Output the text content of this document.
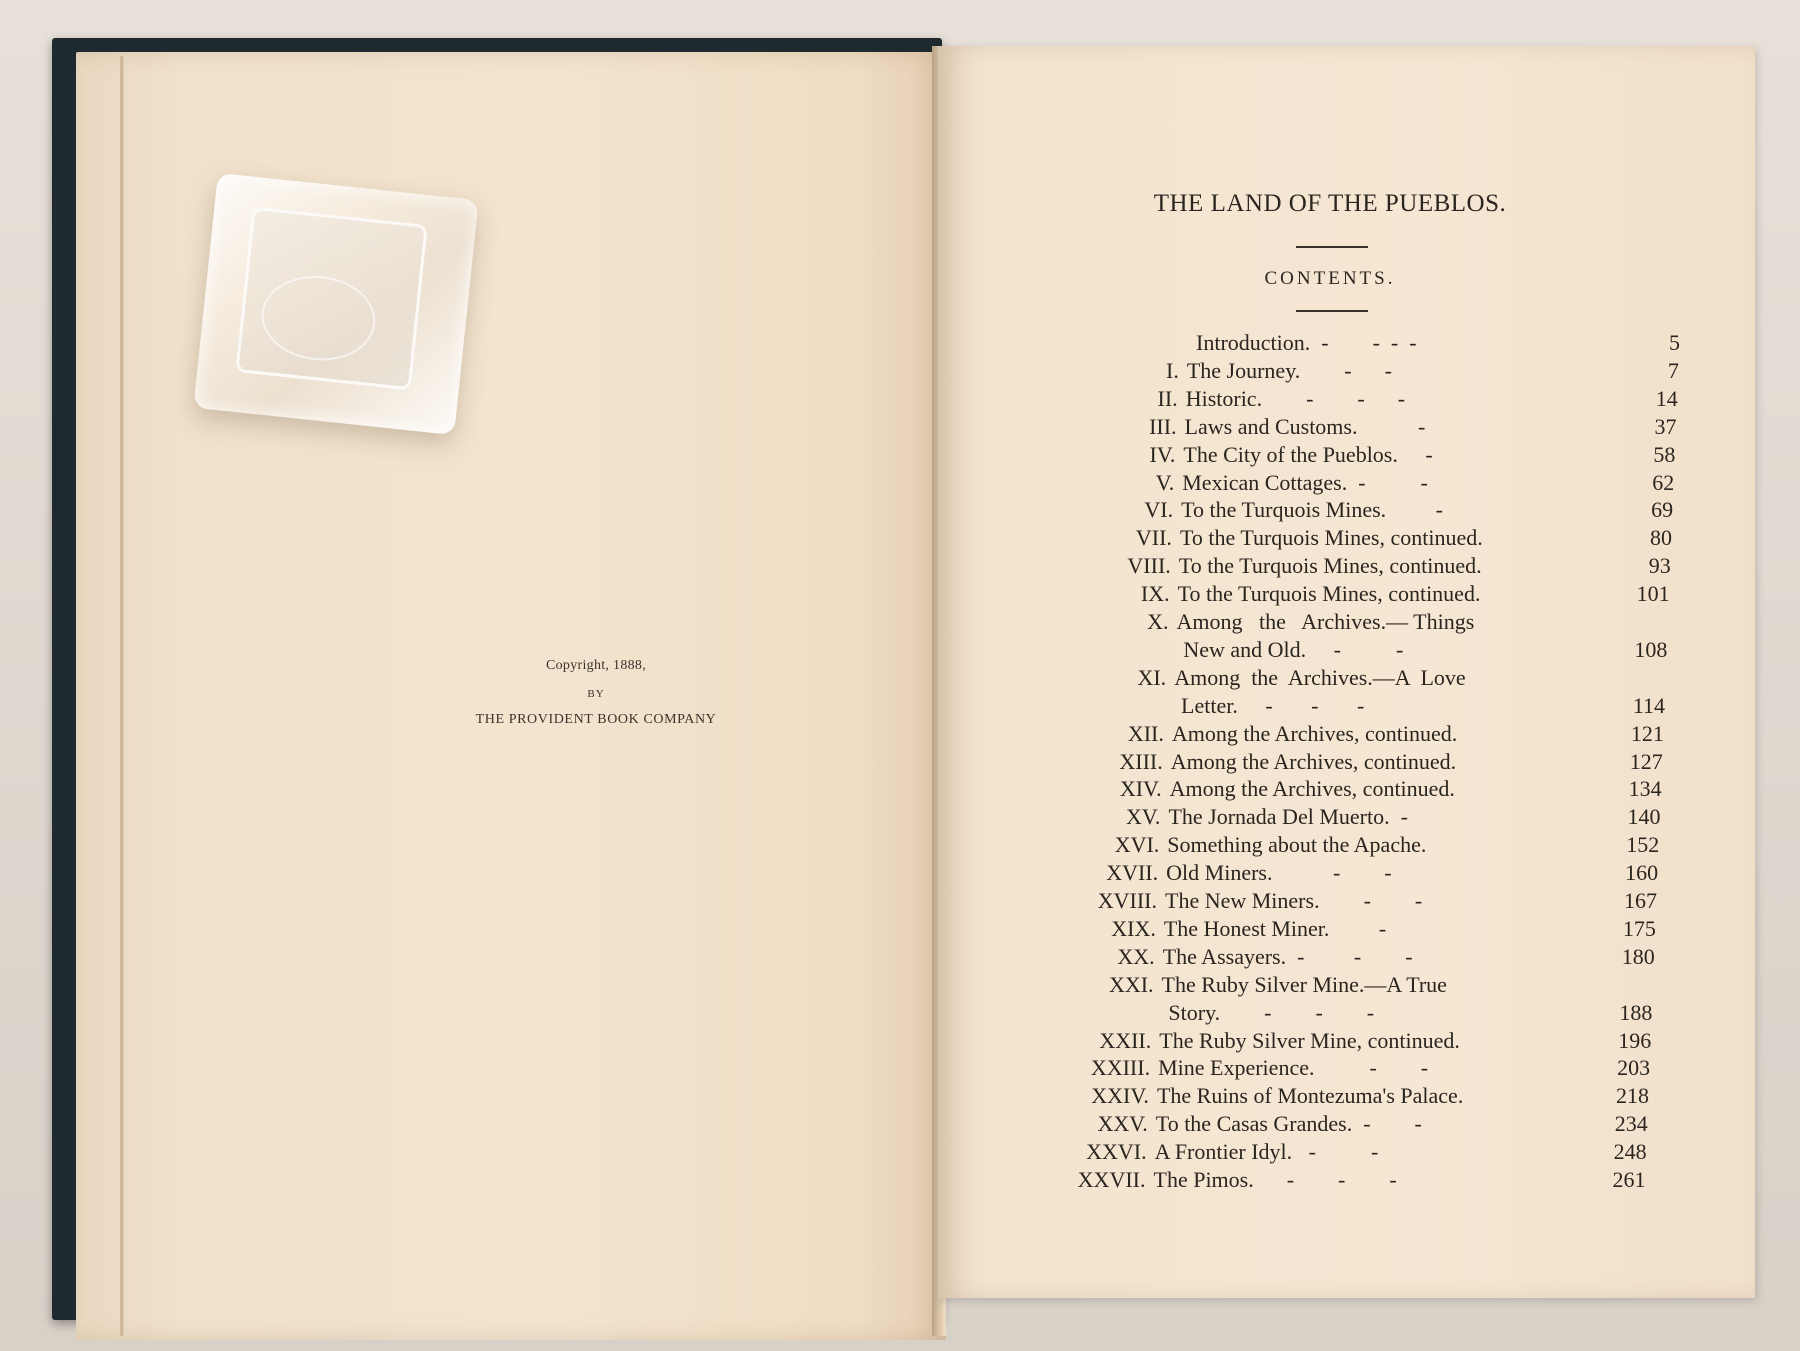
Copyright, 1888,
BY
THE PROVIDENT BOOK COMPANY
THE LAND OF THE PUEBLOS.
CONTENTS.
Introduction.  -        -  -  -	5
I. The Journey.        -      -	7
II. Historic.        -        -      -	14
III. Laws and Customs.           -	37
IV. The City of the Pueblos.     -	58
V. Mexican Cottages.  -          -	62
VI. To the Turquois Mines.         -	69
VII. To the Turquois Mines, continued.	80
VIII. To the Turquois Mines, continued.	93
IX. To the Turquois Mines, continued.	101
X. Among   the   Archives.— Things
New and Old.     -          -	108
XI. Among  the  Archives.—A  Love
Letter.     -       -       -	114
XII. Among the Archives, continued.	121
XIII. Among the Archives, continued.	127
XIV. Among the Archives, continued.	134
XV. The Jornada Del Muerto.  -	140
XVI. Something about the Apache.	152
XVII. Old Miners.           -        -	160
XVIII. The New Miners.        -        -	167
XIX. The Honest Miner.         -	175
XX. The Assayers.  -         -        -	180
XXI. The Ruby Silver Mine.—A True
Story.        -        -        -	188
XXII. The Ruby Silver Mine, continued.	196
XXIII. Mine Experience.          -        -	203
XXIV. The Ruins of Montezuma's Palace.	218
XXV. To the Casas Grandes.  -        -	234
XXVI. A Frontier Idyl.   -          -	248
XXVII. The Pimos.      -        -        -	261
